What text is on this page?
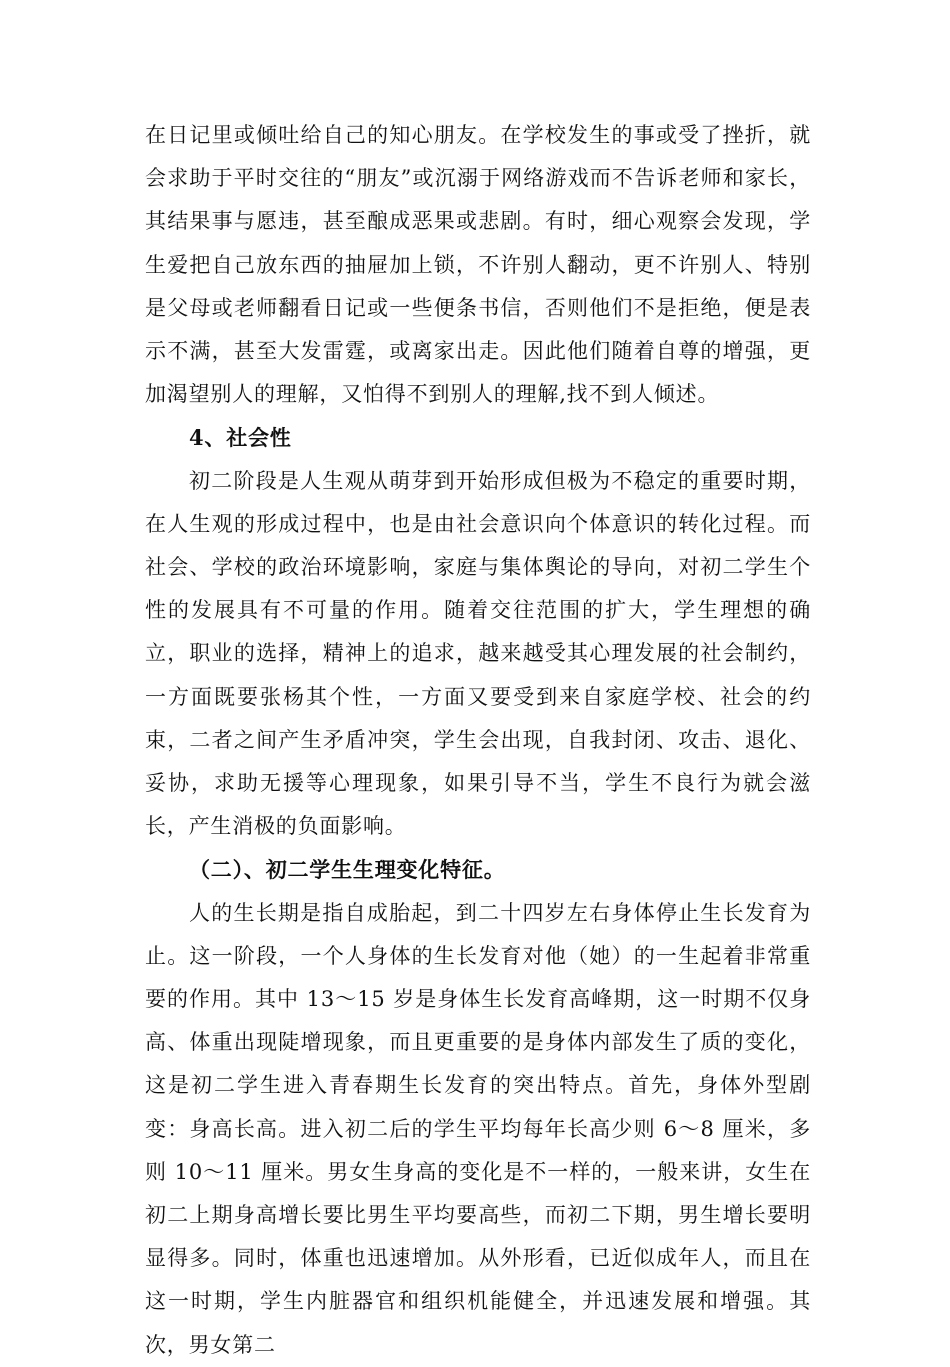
在日记里或倾吐给自己的知心朋友。在学校发生的事或受了挫折，就会求助于平时交往的“朋友”或沉溺于网络游戏而不告诉老师和家长，其结果事与愿违，甚至酿成恶果或悲剧。有时，细心观察会发现，学生爱把自己放东西的抽屉加上锁，不许别人翻动，更不许别人、特别是父母或老师翻看日记或一些便条书信，否则他们不是拒绝，便是表示不满，甚至大发雷霆，或离家出走。因此他们随着自尊的增强，更加渴望别人的理解，又怕得不到别人的理解,找不到人倾述。

4、社会性

初二阶段是人生观从萌芽到开始形成但极为不稳定的重要时期，在人生观的形成过程中，也是由社会意识向个体意识的转化过程。而社会、学校的政治环境影响，家庭与集体舆论的导向，对初二学生个性的发展具有不可量的作用。随着交往范围的扩大，学生理想的确立，职业的选择，精神上的追求，越来越受其心理发展的社会制约，一方面既要张杨其个性，一方面又要受到来自家庭学校、社会的约束，二者之间产生矛盾冲突，学生会出现，自我封闭、攻击、退化、妥协，求助无援等心理现象，如果引导不当，学生不良行为就会滋长，产生消极的负面影响。

（二）、初二学生生理变化特征。

人的生长期是指自成胎起，到二十四岁左右身体停止生长发育为止。这一阶段，一个人身体的生长发育对他（她）的一生起着非常重要的作用。其中 13～15 岁是身体生长发育高峰期，这一时期不仅身高、体重出现陡增现象，而且更重要的是身体内部发生了质的变化，这是初二学生进入青春期生长发育的突出特点。首先，身体外型剧变：身高长高。进入初二后的学生平均每年长高少则 6～8 厘米，多则 10～11 厘米。男女生身高的变化是不一样的，一般来讲，女生在初二上期身高增长要比男生平均要高些，而初二下期，男生增长要明显得多。同时，体重也迅速增加。从外形看，已近似成年人，而且在这一时期，学生内脏器官和组织机能健全，并迅速发展和增强。其次，男女第二
